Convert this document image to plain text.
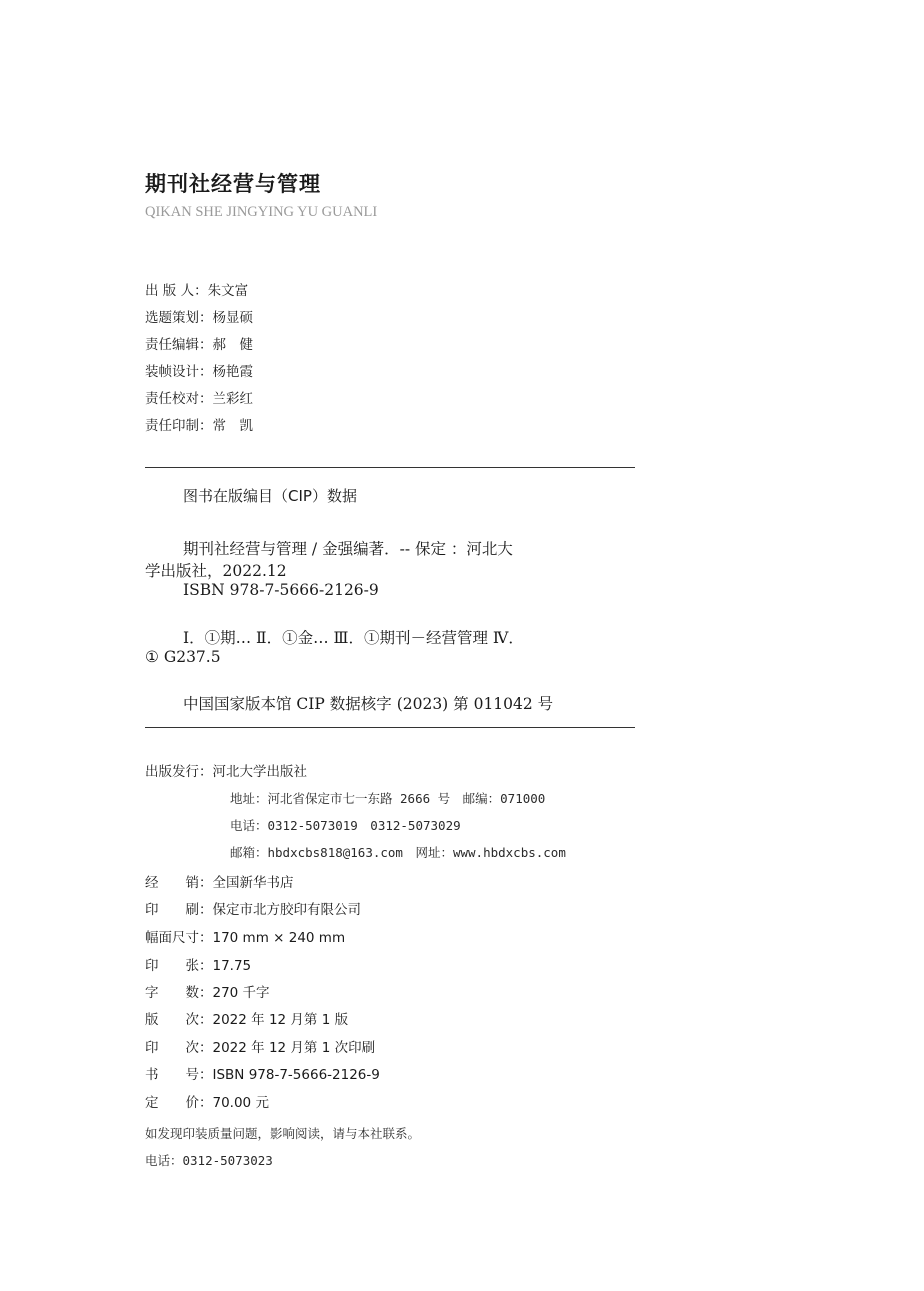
期刊社经营与管理
QIKAN SHE JINGYING YU GUANLI
出 版 人：朱文富
选题策划：杨显硕
责任编辑：郝　健
装帧设计：杨艳霞
责任校对：兰彩红
责任印制：常　凯
图书在版编目（CIP）数据
期刊社经营与管理 / 金强编著．-- 保定 ：河北大
学出版社，2022.12
ISBN 978-7-5666-2126-9
Ⅰ．①期… Ⅱ．①金… Ⅲ．①期刊－经营管理 Ⅳ．
① G237.5
中国国家版本馆 CIP 数据核字 (2023) 第 011042 号
出版发行：河北大学出版社
地址：河北省保定市七一东路 2666 号　邮编：071000
电话：0312-5073019　0312-5073029
邮箱：hbdxcbs818@163.com　网址：www.hbdxcbs.com
经　　销：全国新华书店
印　　刷：保定市北方胶印有限公司
幅面尺寸：170 mm × 240 mm
印　　张：17.75
字　　数：270 千字
版　　次：2022 年 12 月第 1 版
印　　次：2022 年 12 月第 1 次印刷
书　　号：ISBN 978-7-5666-2126-9
定　　价：70.00 元
如发现印装质量问题，影响阅读，请与本社联系。
电话：0312-5073023
